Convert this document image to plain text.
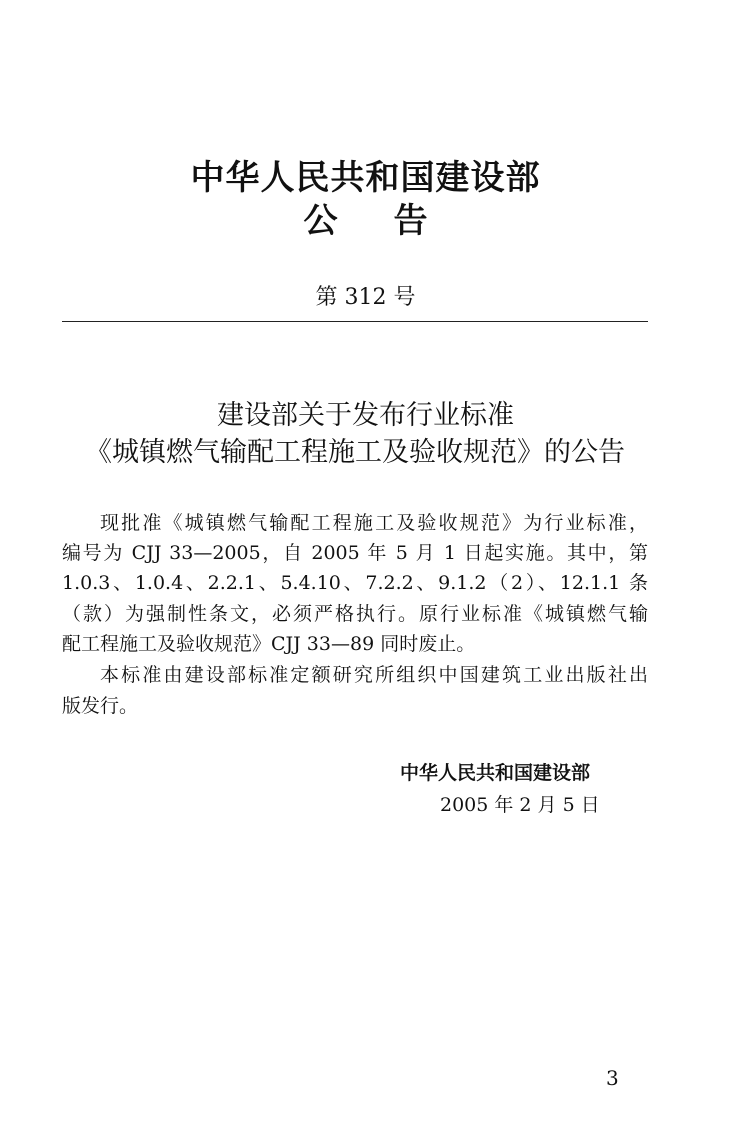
中华人民共和国建设部
公 告
第 312 号
建设部关于发布行业标准
《城镇燃气输配工程施工及验收规范》的公告
现批准《城镇燃气输配工程施工及验收规范》为行业标准，
编号为 CJJ 33—2005，自 2005 年 5 月 1 日起实施。其中，第
1.0.3、1.0.4、2.2.1、5.4.10、7.2.2、9.1.2（2）、12.1.1 条
（款）为强制性条文，必须严格执行。原行业标准《城镇燃气输
配工程施工及验收规范》CJJ 33—89 同时废止。
本标准由建设部标准定额研究所组织中国建筑工业出版社出
版发行。
中华人民共和国建设部
2005 年 2 月 5 日
3
